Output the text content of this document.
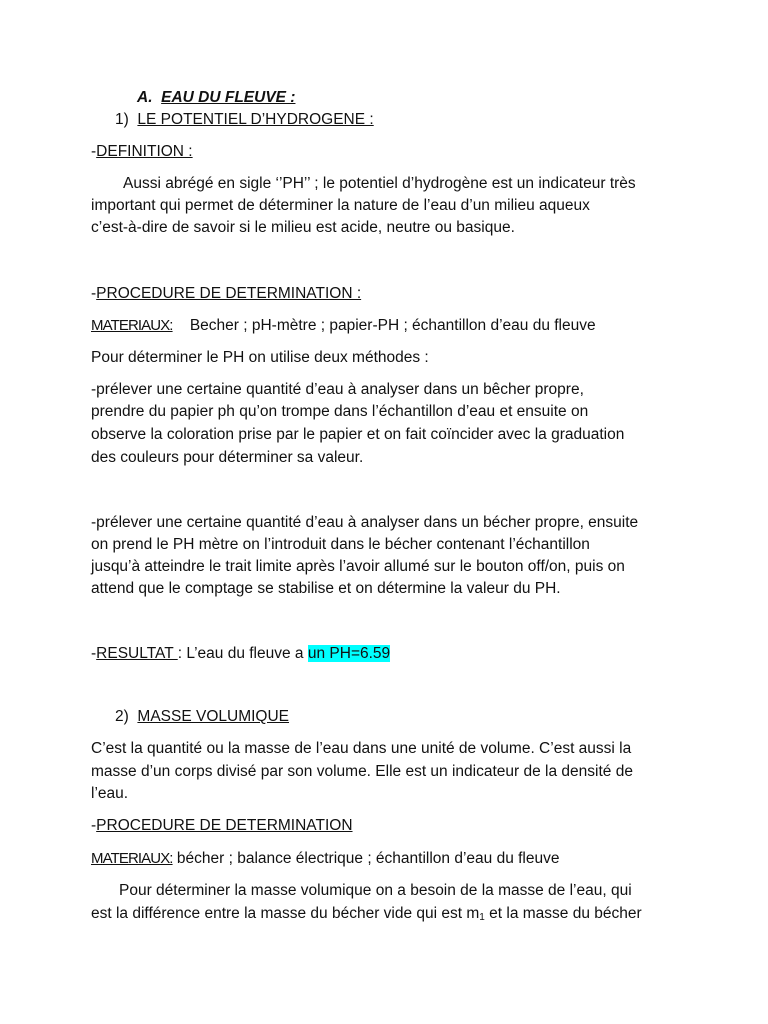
A. EAU DU FLEUVE :
1) LE POTENTIEL D’HYDROGENE :
-DEFINITION :
Aussi abrégé en sigle ‘’PH’’ ; le potentiel d’hydrogène est un indicateur très
important qui permet de déterminer la nature de l’eau d’un milieu aqueux
c’est-à-dire de savoir si le milieu est acide, neutre ou basique.
-PROCEDURE DE DETERMINATION :
MATERIAUX: Becher ; pH-mètre ; papier-PH ; échantillon d’eau du fleuve
Pour déterminer le PH on utilise deux méthodes :
-prélever une certaine quantité d’eau à analyser dans un bêcher propre,
prendre du papier ph qu’on trompe dans l’échantillon d’eau et ensuite on
observe la coloration prise par le papier et on fait coïncider avec la graduation
des couleurs pour déterminer sa valeur.
-prélever une certaine quantité d’eau à analyser dans un bécher propre, ensuite
on prend le PH mètre on l’introduit dans le bécher contenant l’échantillon
jusqu’à atteindre le trait limite après l’avoir allumé sur le bouton off/on, puis on
attend que le comptage se stabilise et on détermine la valeur du PH.
-RESULTAT : L’eau du fleuve a un PH=6.59
2) MASSE VOLUMIQUE
C’est la quantité ou la masse de l’eau dans une unité de volume. C’est aussi la
masse d’un corps divisé par son volume. Elle est un indicateur de la densité de
l’eau.
-PROCEDURE DE DETERMINATION
MATERIAUX: bécher ; balance électrique ; échantillon d’eau du fleuve
Pour déterminer la masse volumique on a besoin de la masse de l’eau, qui
est la différence entre la masse du bécher vide qui est $m_1$ et la masse du bécher
